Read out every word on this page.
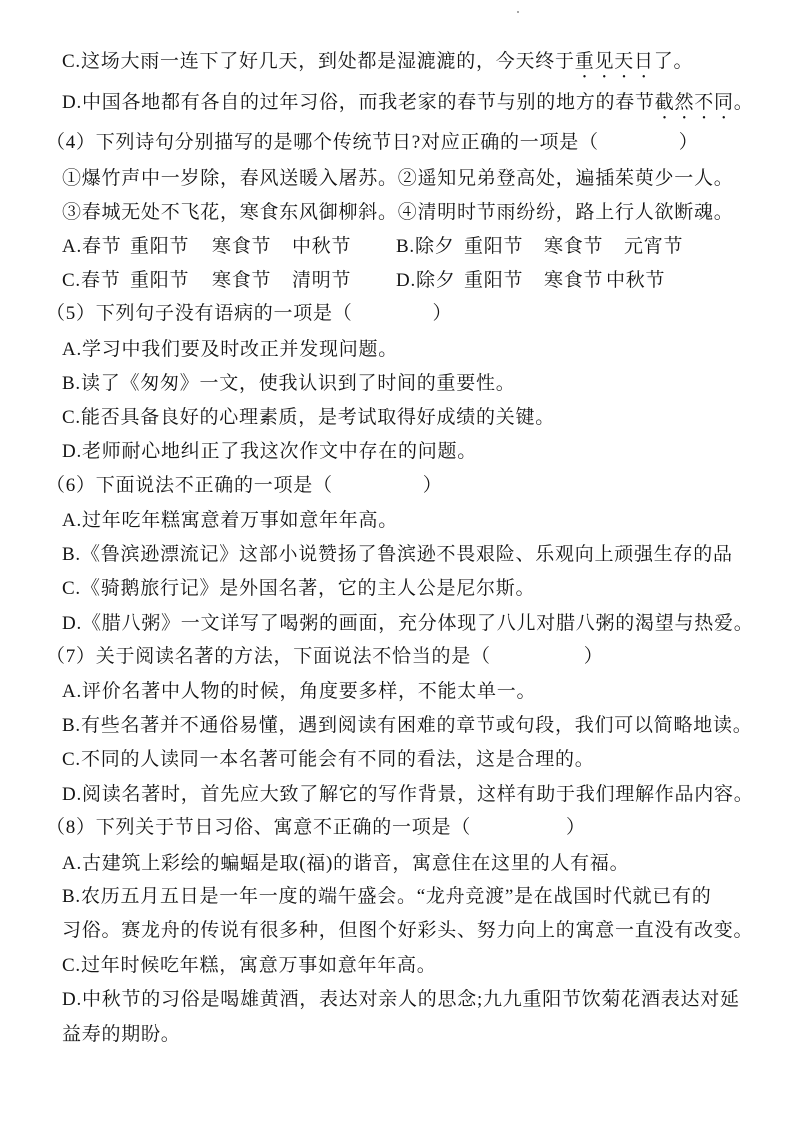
C.这场大雨一连下了好几天，到处都是湿漉漉的，今天终于重见天日了。
D.中国各地都有各自的过年习俗，而我老家的春节与别的地方的春节截然不同。
（4）下列诗句分别描写的是哪个传统节日?对应正确的一项是（	）
①爆竹声中一岁除，春风送暖入屠苏。②遥知兄弟登高处，遍插茱萸少一人。
③春城无处不飞花，寒食东风御柳斜。④清明时节雨纷纷，路上行人欲断魂。
A.春节 重阳节 寒食节 中秋节 B.除夕 重阳节 寒食节 元宵节
C.春节 重阳节 寒食节 清明节 D.除夕 重阳节 寒食节 中秋节
（5）下列句子没有语病的一项是（	）
A.学习中我们要及时改正并发现问题。
B.读了《匆匆》一文，使我认识到了时间的重要性。
C.能否具备良好的心理素质，是考试取得好成绩的关键。
D.老师耐心地纠正了我这次作文中存在的问题。
（6）下面说法不正确的一项是（	）
A.过年吃年糕寓意着万事如意年年高。
B.《鲁滨逊漂流记》这部小说赞扬了鲁滨逊不畏艰险、乐观向上顽强生存的品
C.《骑鹅旅行记》是外国名著，它的主人公是尼尔斯。
D.《腊八粥》一文详写了喝粥的画面，充分体现了八儿对腊八粥的渴望与热爱。
（7）关于阅读名著的方法，下面说法不恰当的是（	）
A.评价名著中人物的时候，角度要多样，不能太单一。
B.有些名著并不通俗易懂，遇到阅读有困难的章节或句段，我们可以简略地读。
C.不同的人读同一本名著可能会有不同的看法，这是合理的。
D.阅读名著时，首先应大致了解它的写作背景，这样有助于我们理解作品内容。
（8）下列关于节日习俗、寓意不正确的一项是（	）
A.古建筑上彩绘的蝙蝠是取(福)的谐音，寓意住在这里的人有福。
B.农历五月五日是一年一度的端午盛会。“龙舟竞渡”是在战国时代就已有的
习俗。赛龙舟的传说有很多种，但图个好彩头、努力向上的寓意一直没有改变。
C.过年时候吃年糕，寓意万事如意年年高。
D.中秋节的习俗是喝雄黄酒，表达对亲人的思念;九九重阳节饮菊花酒表达对延
益寿的期盼。
